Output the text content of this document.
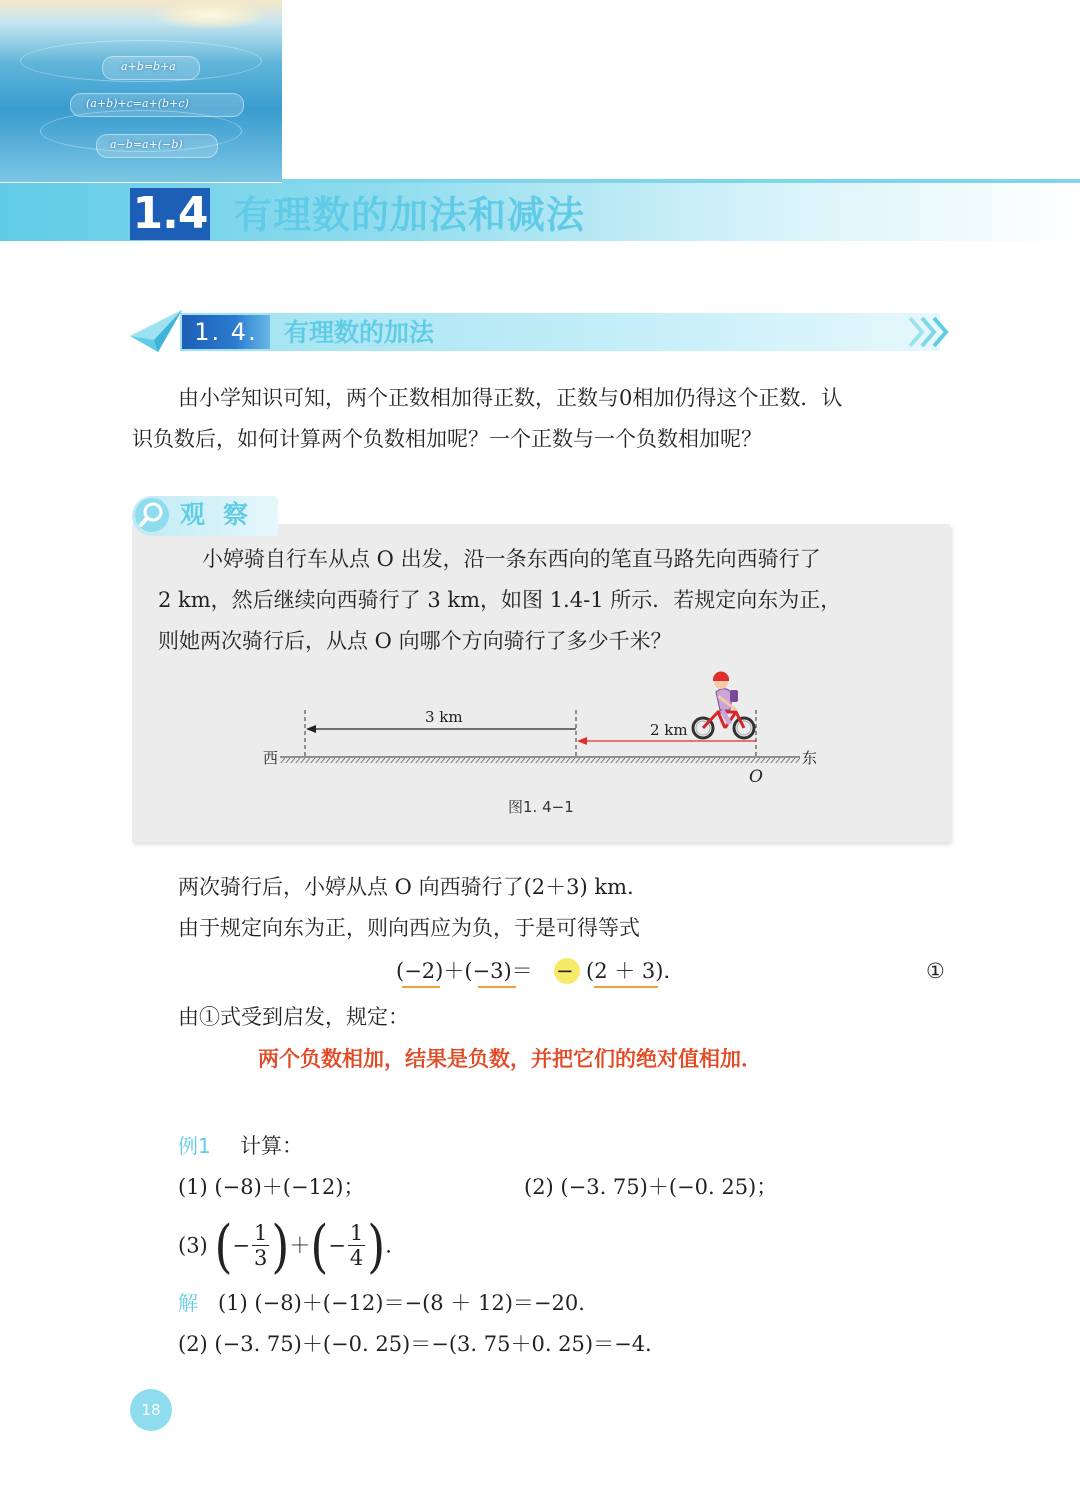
a+b=b+a
(a+b)+c=a+(b+c)
a−b=a+(−b)
1.4 有理数的加法和减法
1. 4. 1
有理数的加法
由小学知识可知，两个正数相加得正数，正数与0相加仍得这个正数．认
识负数后，如何计算两个负数相加呢？一个正数与一个负数相加呢？
观察
小婷骑自行车从点 O 出发，沿一条东西向的笔直马路先向西骑行了
2 km，然后继续向西骑行了 3 km，如图 1.4-1 所示．若规定向东为正，
则她两次骑行后，从点 O 向哪个方向骑行了多少千米？
3 km
2 km
西	东
O
图1. 4−1
两次骑行后，小婷从点 O 向西骑行了(2＋3) km.
由于规定向东为正，则向西应为负，于是可得等式
(−2)＋(−3)＝ − (2 ＋ 3)．	①
由①式受到启发，规定：
两个负数相加，结果是负数，并把它们的绝对值相加．
例1 计算：
(1) (−8)＋(−12)；	(2) (−3. 75)＋(−0. 25)；
(3) (− $\frac{1}{3}$ )＋(− $\frac{1}{4}$ ).
解 (1) (−8)＋(−12)＝−(8 ＋ 12)＝−20.
(2) (−3. 75)＋(−0. 25)＝−(3. 75＋0. 25)＝−4.
18
